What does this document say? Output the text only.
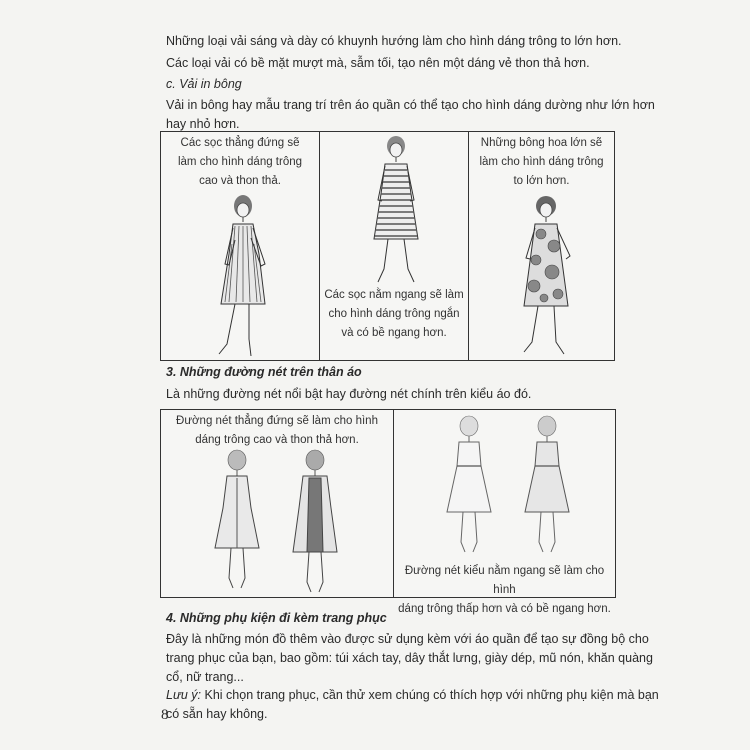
Những loại vải sáng và dày có khuynh hướng làm cho hình dáng trông to lớn hơn.
Các loại vải có bề mặt mượt mà, sẫm tối, tạo nên một dáng vẻ thon thả hơn.
c. Vải in bông
Vải in bông hay mẫu trang trí trên áo quần có thể tạo cho hình dáng dường như lớn hơn
hay nhỏ hơn.
Các sọc thẳng đứng sẽ
làm cho hình dáng trông
cao và thon thả.
Các sọc nằm ngang sẽ làm
cho hình dáng trông ngắn
và có bề ngang hơn.
Những bông hoa lớn sẽ
làm cho hình dáng trông
to lớn hơn.
3. Những đường nét trên thân áo
Là những đường nét nổi bật hay đường nét chính trên kiểu áo đó.
Đường nét thẳng đứng sẽ làm cho hình
dáng trông cao và thon thả hơn.
Đường nét kiểu nằm ngang sẽ làm cho hình
dáng trông thấp hơn và có bề ngang hơn.
4. Những phụ kiện đi kèm trang phục
Đây là những món đồ thêm vào được sử dụng kèm với áo quần để tạo sự đồng bộ cho
trang phục của bạn, bao gồm: túi xách tay, dây thắt lưng, giày dép, mũ nón, khăn quàng
cổ, nữ trang...
Lưu ý: Khi chọn trang phục, cần thử xem chúng có thích hợp với những phụ kiện mà bạn
có sẵn hay không.
8
